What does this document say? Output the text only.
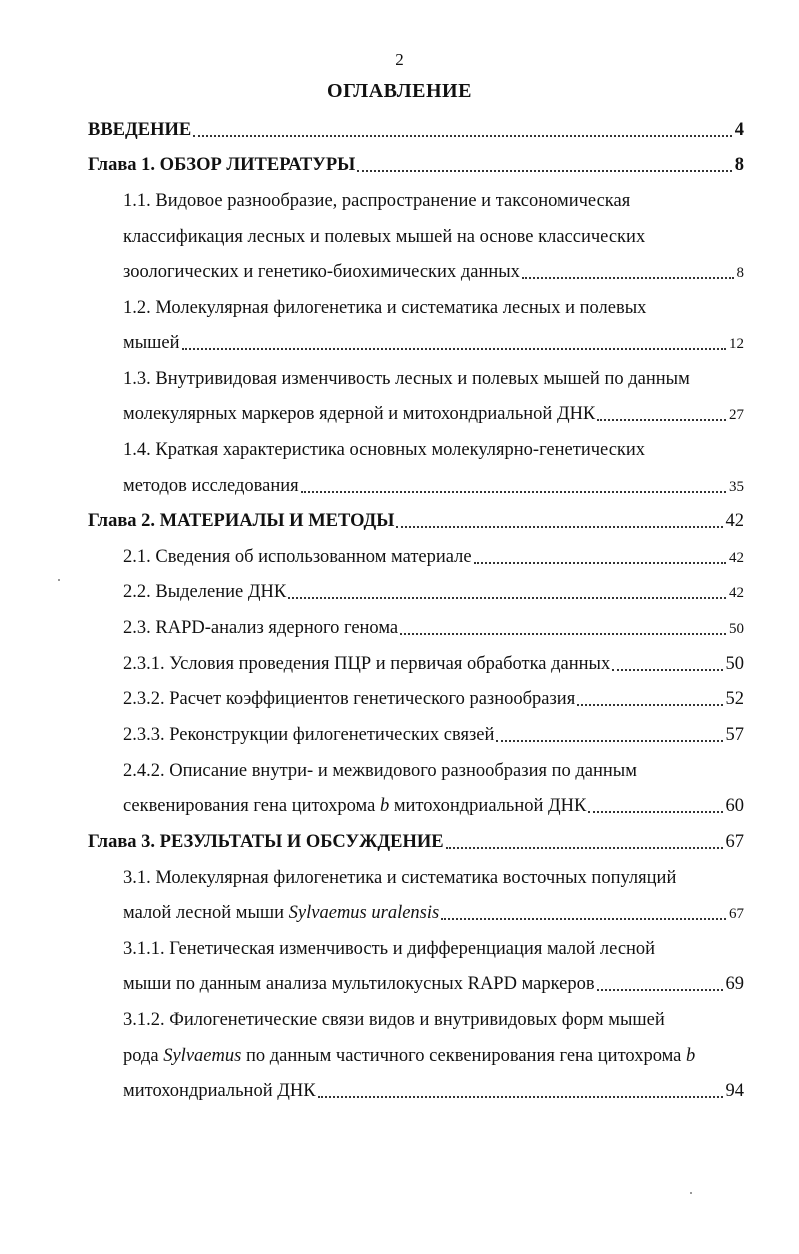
2
ОГЛАВЛЕНИЕ
ВВЕДЕНИЕ	4
Глава 1. ОБЗОР ЛИТЕРАТУРЫ	8
1.1. Видовое разнообразие, распространение и таксономическая
классификация лесных и полевых мышей на основе классических
зоологических и генетико-биохимических данных	8
1.2. Молекулярная филогенетика и систематика лесных и полевых
мышей	12
1.3. Внутривидовая изменчивость лесных и полевых мышей по данным
молекулярных маркеров ядерной и митохондриальной ДНК	27
1.4. Краткая характеристика основных молекулярно-генетических
методов исследования	35
Глава 2. МАТЕРИАЛЫ И МЕТОДЫ	42
2.1. Сведения об использованном материале	42
2.2. Выделение ДНК	42
2.3. RAPD-анализ ядерного генома	50
2.3.1. Условия проведения ПЦР и первичая обработка данных	50
2.3.2. Расчет коэффициентов генетического разнообразия	52
2.3.3. Реконструкции филогенетических связей	57
2.4.2. Описание внутри- и межвидового разнообразия по данным
секвенирования гена цитохрома b митохондриальной ДНК	60
Глава 3. РЕЗУЛЬТАТЫ И ОБСУЖДЕНИЕ	67
3.1. Молекулярная филогенетика и систематика восточных популяций
малой лесной мыши Sylvaemus uralensis	67
3.1.1. Генетическая изменчивость и дифференциация малой лесной
мыши по данным анализа мультилокусных RAPD маркеров	69
3.1.2. Филогенетические связи видов и внутривидовых форм мышей
рода Sylvaemus по данным частичного секвенирования гена цитохрома b
митохондриальной ДНК	94
